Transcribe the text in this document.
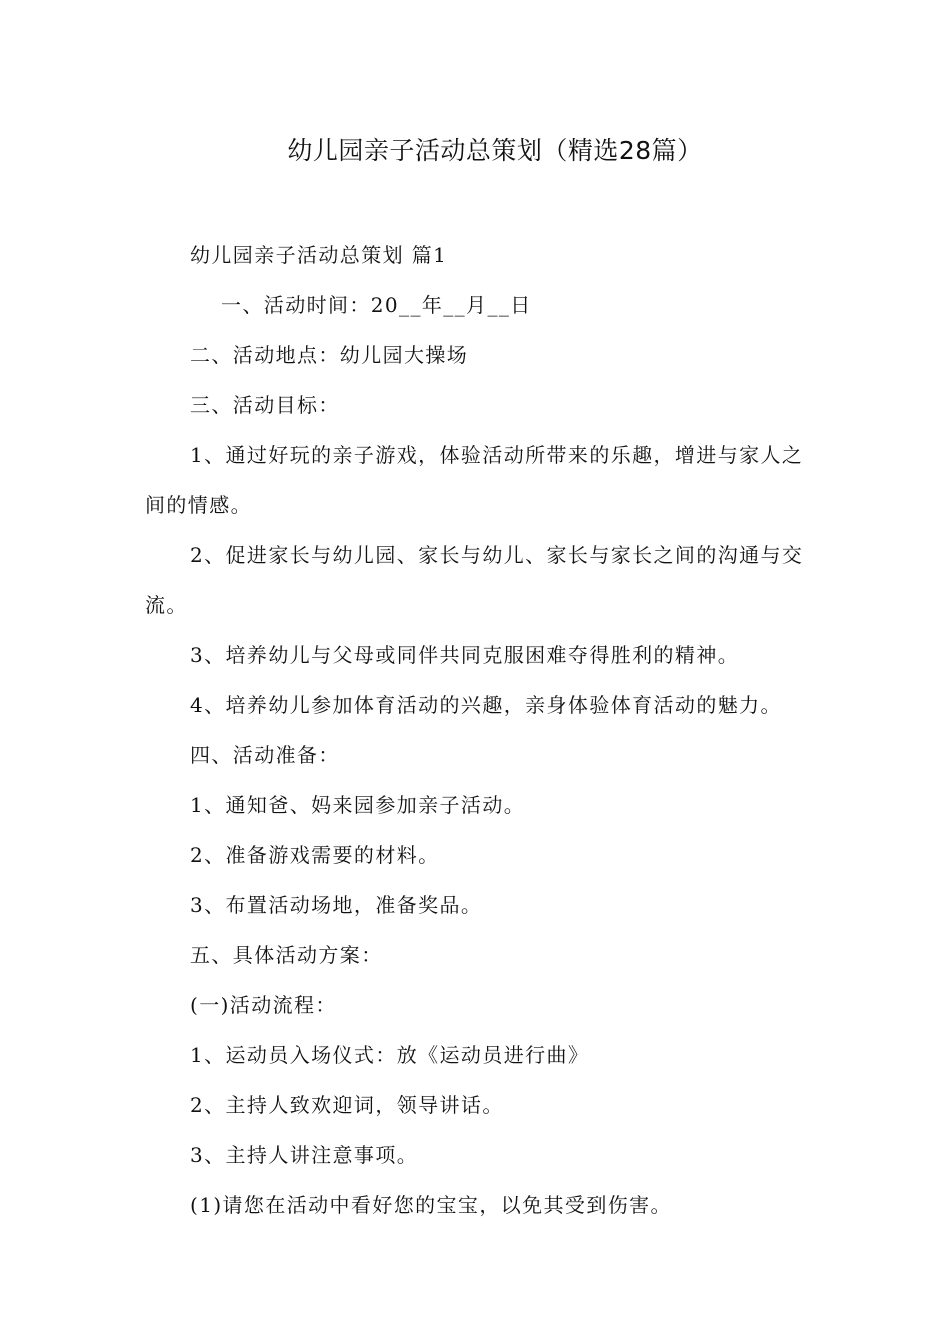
幼儿园亲子活动总策划（精选28篇）

幼儿园亲子活动总策划 篇1

一、活动时间：20__年__月__日

二、活动地点：幼儿园大操场

三、活动目标：

1、通过好玩的亲子游戏，体验活动所带来的乐趣，增进与家人之间的情感。

2、促进家长与幼儿园、家长与幼儿、家长与家长之间的沟通与交流。

3、培养幼儿与父母或同伴共同克服困难夺得胜利的精神。

4、培养幼儿参加体育活动的兴趣，亲身体验体育活动的魅力。

四、活动准备：

1、通知爸、妈来园参加亲子活动。

2、准备游戏需要的材料。

3、布置活动场地，准备奖品。

五、具体活动方案：

(一)活动流程：

1、运动员入场仪式：放《运动员进行曲》

2、主持人致欢迎词，领导讲话。

3、主持人讲注意事项。

(1)请您在活动中看好您的宝宝，以免其受到伤害。
